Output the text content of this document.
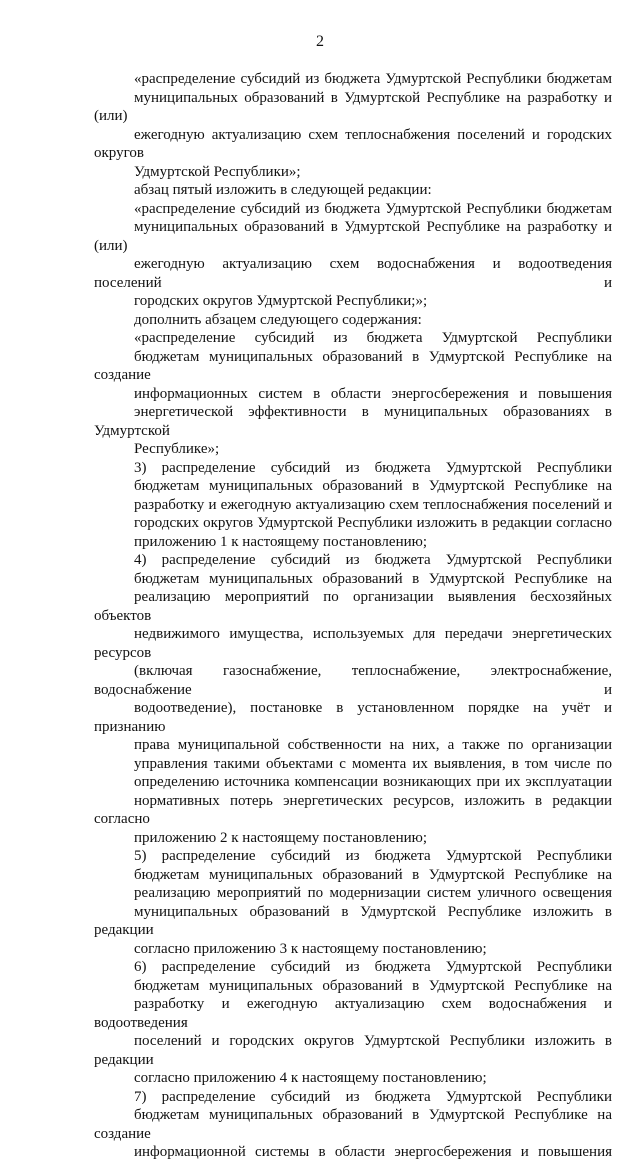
2

«распределение субсидий из бюджета Удмуртской Республики бюджетам
муниципальных образований в Удмуртской Республике на разработку и (или)
ежегодную актуализацию схем теплоснабжения поселений и городских округов
Удмуртской Республики»;

абзац пятый изложить в следующей редакции:

«распределение субсидий из бюджета Удмуртской Республики бюджетам
муниципальных образований в Удмуртской Республике на разработку и (или)
ежегодную актуализацию схем водоснабжения и водоотведения поселений и
городских округов Удмуртской Республики;»;

дополнить абзацем следующего содержания:

«распределение субсидий из бюджета Удмуртской Республики
бюджетам муниципальных образований в Удмуртской Республике на создание
информационных систем в области энергосбережения и повышения
энергетической эффективности в муниципальных образованиях в Удмуртской
Республике»;

3) распределение субсидий из бюджета Удмуртской Республики
бюджетам муниципальных образований в Удмуртской Республике на
разработку и ежегодную актуализацию схем теплоснабжения поселений и
городских округов Удмуртской Республики изложить в редакции согласно
приложению 1 к настоящему постановлению;

4) распределение субсидий из бюджета Удмуртской Республики
бюджетам муниципальных образований в Удмуртской Республике на
реализацию мероприятий по организации выявления бесхозяйных объектов
недвижимого имущества, используемых для передачи энергетических ресурсов
(включая газоснабжение, теплоснабжение, электроснабжение, водоснабжение и
водоотведение), постановке в установленном порядке на учёт и признанию
права муниципальной собственности на них, а также по организации
управления такими объектами с момента их выявления, в том числе по
определению источника компенсации возникающих при их эксплуатации
нормативных потерь энергетических ресурсов, изложить в редакции согласно
приложению 2 к настоящему постановлению;

5) распределение субсидий из бюджета Удмуртской Республики
бюджетам муниципальных образований в Удмуртской Республике на
реализацию мероприятий по модернизации систем уличного освещения
муниципальных образований в Удмуртской Республике изложить в редакции
согласно приложению 3 к настоящему постановлению;

6) распределение субсидий из бюджета Удмуртской Республики
бюджетам муниципальных образований в Удмуртской Республике на
разработку и ежегодную актуализацию схем водоснабжения и водоотведения
поселений и городских округов Удмуртской Республики изложить в редакции
согласно приложению 4 к настоящему постановлению;

7) распределение субсидий из бюджета Удмуртской Республики
бюджетам муниципальных образований в Удмуртской Республике на создание
информационной системы в области энергосбережения и повышения
